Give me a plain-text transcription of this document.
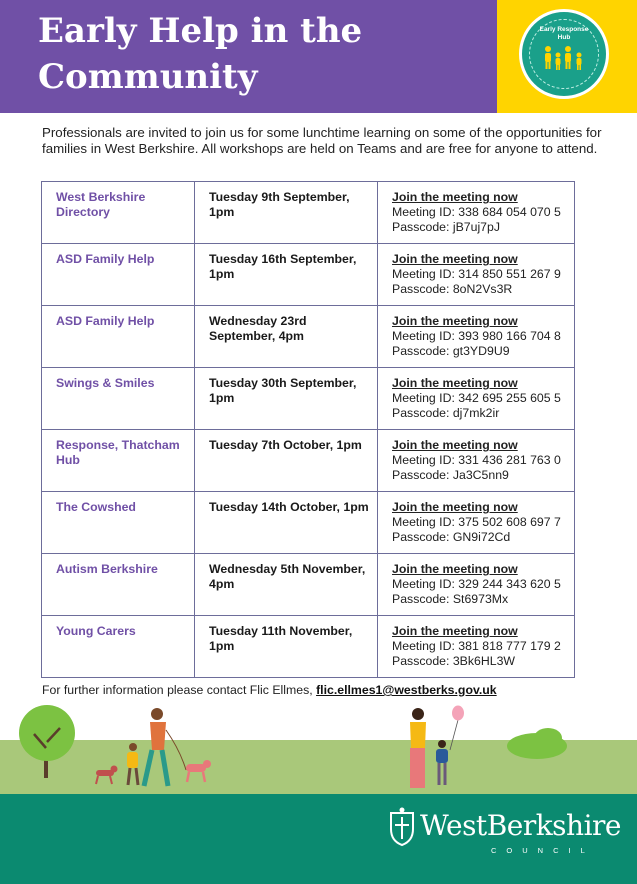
Early Help in the
Community
Early Response
Hub
Professionals are invited to join us for some lunchtime learning on some of the opportunities for families in West Berkshire. All workshops are held on Teams and are free for anyone to attend.
West Berkshire Directory	Tuesday 9th September, 1pm	Join the meeting now
Meeting ID: 338 684 054 070 5
Passcode: jB7uj7pJ

ASD Family Help	Tuesday 16th September, 1pm	Join the meeting now
Meeting ID: 314 850 551 267 9
Passcode: 8oN2Vs3R

ASD Family Help	Wednesday 23rd September, 4pm	Join the meeting now
Meeting ID: 393 980 166 704 8
Passcode: gt3YD9U9

Swings & Smiles	Tuesday 30th September, 1pm	Join the meeting now
Meeting ID: 342 695 255 605 5
Passcode: dj7mk2ir

Response, Thatcham Hub	Tuesday 7th October, 1pm	Join the meeting now
Meeting ID: 331 436 281 763 0
Passcode: Ja3C5nn9

The Cowshed	Tuesday 14th October, 1pm	Join the meeting now
Meeting ID: 375 502 608 697 7
Passcode: GN9i72Cd

Autism Berkshire	Wednesday 5th November, 4pm	Join the meeting now
Meeting ID: 329 244 343 620 5
Passcode: St6973Mx

Young Carers	Tuesday 11th November, 1pm	Join the meeting now
Meeting ID: 381 818 777 179 2
Passcode: 3Bk6HL3W
For further information please contact Flic Ellmes, flic.ellmes1@westberks.gov.uk
WestBerkshire
COUNCIL
